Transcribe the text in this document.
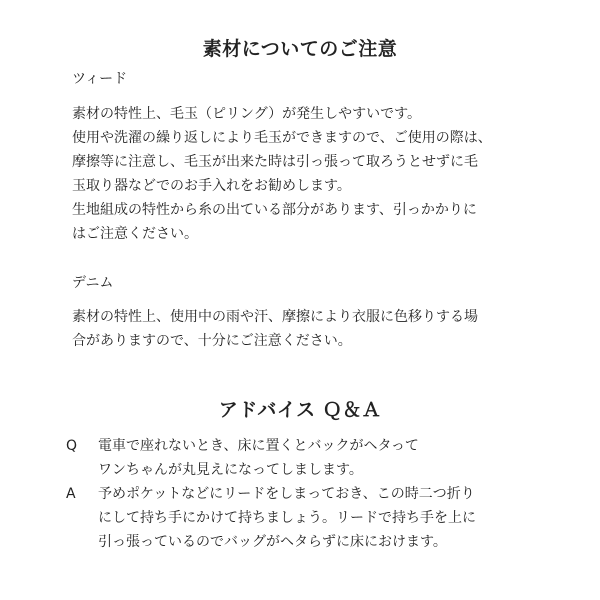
素材についてのご注意
ツィード
素材の特性上、毛玉（ピリング）が発生しやすいです。
使用や洗濯の繰り返しにより毛玉ができますので、ご使用の際は、
摩擦等に注意し、毛玉が出来た時は引っ張って取ろうとせずに毛
玉取り器などでのお手入れをお勧めします。
生地組成の特性から糸の出ている部分があります、引っかかりに
はご注意ください。
デニム
素材の特性上、使用中の雨や汗、摩擦により衣服に色移りする場
合がありますので、十分にご注意ください。
アドバイス Ｑ＆Ａ
Q	電車で座れないとき、床に置くとバックがヘタって
ワンちゃんが丸見えになってしまします。
A	予めポケットなどにリードをしまっておき、この時二つ折り
にして持ち手にかけて持ちましょう。リードで持ち手を上に
引っ張っているのでバッグがヘタらずに床におけます。
